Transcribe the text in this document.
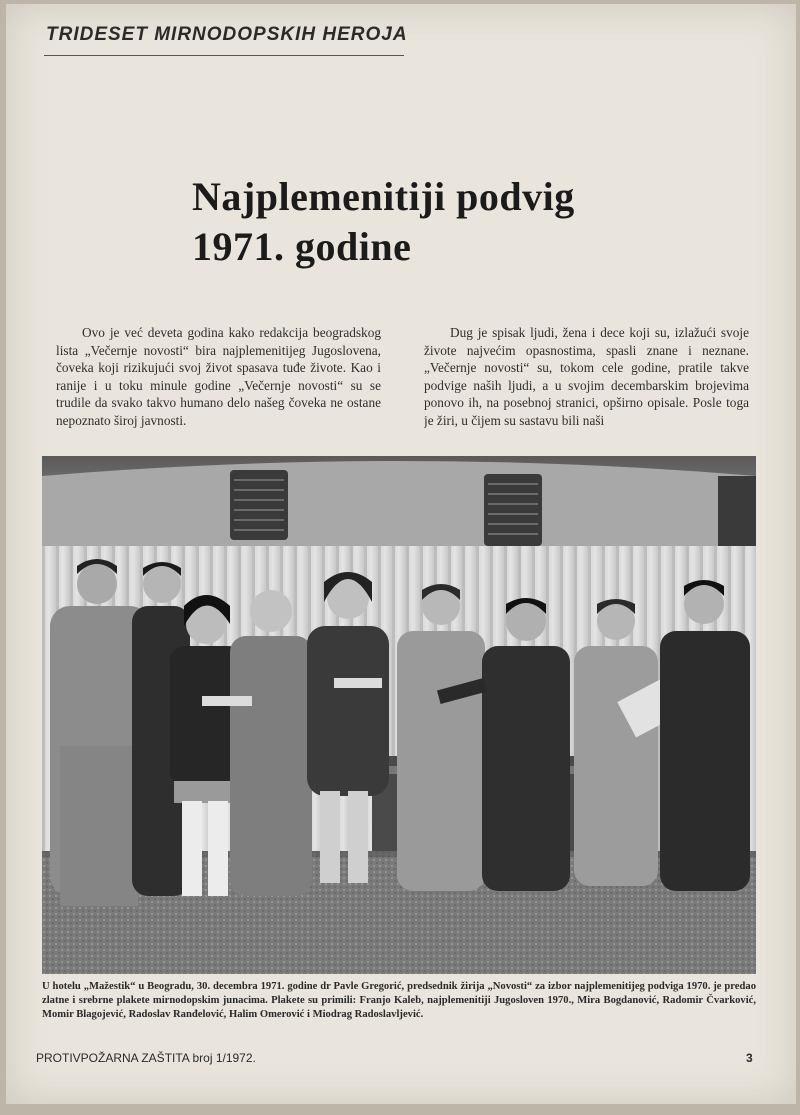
TRIDESET MIRNODOPSKIH HEROJA
Najplemenitiji podvig
1971. godine

Ovo je već deveta godina kako redakcija beogradskog lista „Večernje novosti“ bira najplemenitijeg Jugoslovena, čoveka koji rizikujući svoj život spasava tuđe živote. Kao i ranije i u toku minule godine „Večernje novosti“ su se trudile da svako takvo humano delo našeg čoveka ne ostane nepoznato široj javnosti.

Dug je spisak ljudi, žena i dece koji su, izlažući svoje živote najvećim opasnostima, spasli znane i neznane. „Večernje novosti“ su, tokom cele godine, pratile takve podvige naših ljudi, a u svojim decembarskim brojevima ponovo ih, na posebnoj stranici, opširno opisale. Posle toga je žiri, u čijem su sastavu bili naši

U hotelu „Mažestik“ u Beogradu, 30. decembra 1971. godine dr Pavle Gregorić, predsednik žirija „Novosti“ za izbor najplemenitijeg podviga 1970. je predao zlatne i srebrne plakete mirnodopskim junacima. Plakete su primili: Franjo Kaleb, najplemenitiji Jugosloven 1970., Mira Bogdanović, Radomir Čvarković, Momir Blagojević, Radoslav Ranđelović, Halim Omerović i Miodrag Radoslavljević.

PROTIVPOŽARNA ZAŠTITA broj 1/1972.	3
